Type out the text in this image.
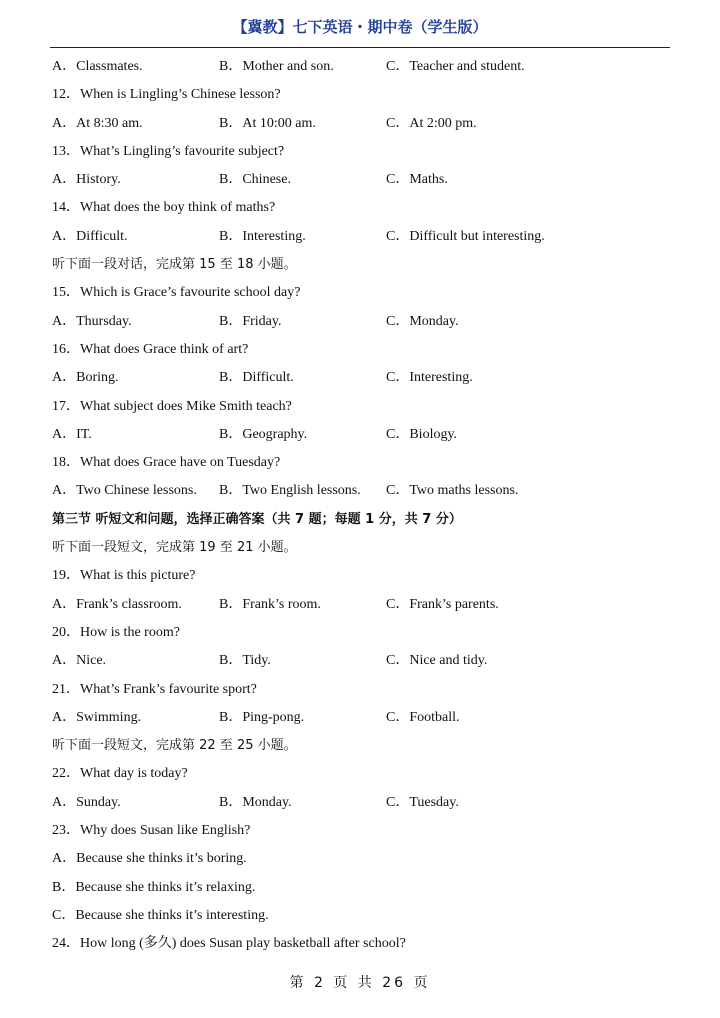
【冀教】七下英语・期中卷（学生版）
A．Classmates.	B．Mother and son.	C．Teacher and student.
12．When is Lingling’s Chinese lesson?
A．At 8:30 am.	B．At 10:00 am.	C．At 2:00 pm.
13．What’s Lingling’s favourite subject?
A．History.	B．Chinese.	C．Maths.
14．What does the boy think of maths?
A．Difficult.	B．Interesting.	C．Difficult but interesting.
听下面一段对话，完成第 15 至 18 小题。
15．Which is Grace’s favourite school day?
A．Thursday.	B．Friday.	C．Monday.
16．What does Grace think of art?
A．Boring.	B．Difficult.	C．Interesting.
17．What subject does Mike Smith teach?
A．IT.	B．Geography.	C．Biology.
18．What does Grace have on Tuesday?
A．Two Chinese lessons. B．Two English lessons. C．Two maths lessons.
第三节 听短文和问题，选择正确答案（共 7 题；每题 1 分，共 7 分）
听下面一段短文，完成第 19 至 21 小题。
19．What is this picture?
A．Frank’s classroom.	B．Frank’s room.	C．Frank’s parents.
20．How is the room?
A．Nice.	B．Tidy.	C．Nice and tidy.
21．What’s Frank’s favourite sport?
A．Swimming.	B．Ping-pong.	C．Football.
听下面一段短文，完成第 22 至 25 小题。
22．What day is today?
A．Sunday.	B．Monday.	C．Tuesday.
23．Why does Susan like English?
A．Because she thinks it’s boring.
B．Because she thinks it’s relaxing.
C．Because she thinks it’s interesting.
24．How long (多久) does Susan play basketball after school?
第 2 页 共 26 页
